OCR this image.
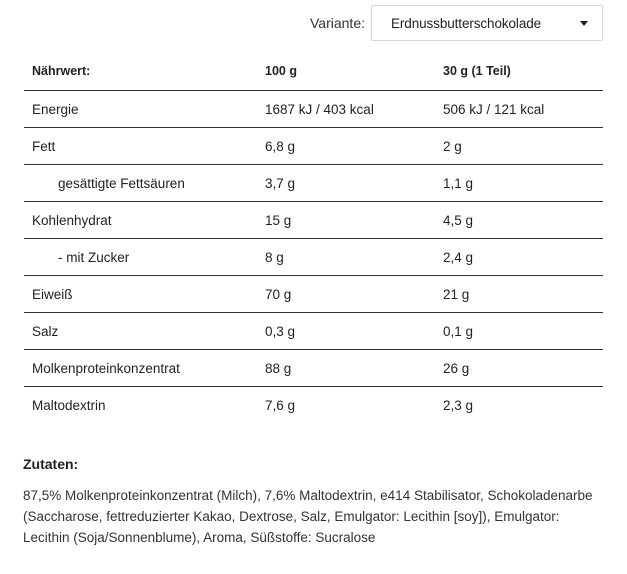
Variante: Erdnussbutterschokolade
Nährwert:	100 g	30 g (1 Teil)
Energie	1687 kJ / 403 kcal	506 kJ / 121 kcal
Fett	6,8 g	2 g
gesättigte Fettsäuren	3,7 g	1,1 g
Kohlenhydrat	15 g	4,5 g
- mit Zucker	8 g	2,4 g
Eiweiß	70 g	21 g
Salz	0,3 g	0,1 g
Molkenproteinkonzentrat	88 g	26 g
Maltodextrin	7,6 g	2,3 g
Zutaten:

87,5% Molkenproteinkonzentrat (Milch), 7,6% Maltodextrin, e414 Stabilisator, Schokoladenarbe (Saccharose, fettreduzierter Kakao, Dextrose, Salz, Emulgator: Lecithin [soy]), Emulgator: Lecithin (Soja/Sonnenblume), Aroma, Süßstoffe: Sucralose
